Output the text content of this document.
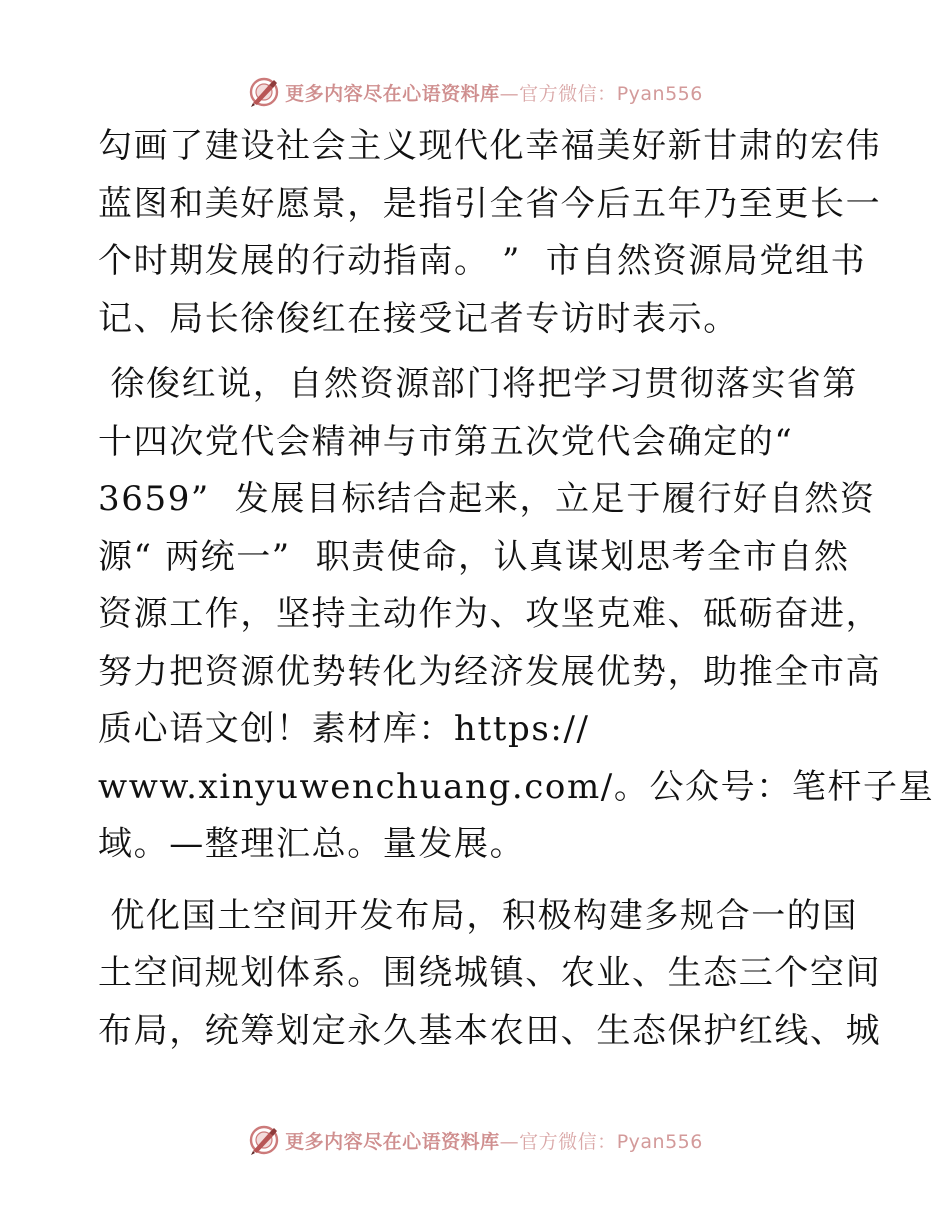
更多内容尽在心语资料库—官方微信：Pyan556
勾画了建设社会主义现代化幸福美好新甘肃的宏伟
蓝图和美好愿景，是指引全省今后五年乃至更长一
个时期发展的行动指南。 ”  市自然资源局党组书
记、局长徐俊红在接受记者专访时表示。
徐俊红说，自然资源部门将把学习贯彻落实省第
十四次党代会精神与市第五次党代会确定的“
3659”  发展目标结合起来，立足于履行好自然资
源“ 两统一”  职责使命，认真谋划思考全市自然
资源工作，坚持主动作为、攻坚克难、砥砺奋进，
努力把资源优势转化为经济发展优势，助推全市高
质心语文创！素材库：https://
www.xinyuwenchuang.com/。公众号：笔杆子星
域。—整理汇总。量发展。
优化国土空间开发布局，积极构建多规合一的国
土空间规划体系。围绕城镇、农业、生态三个空间
布局，统筹划定永久基本农田、生态保护红线、城
更多内容尽在心语资料库—官方微信：Pyan556
